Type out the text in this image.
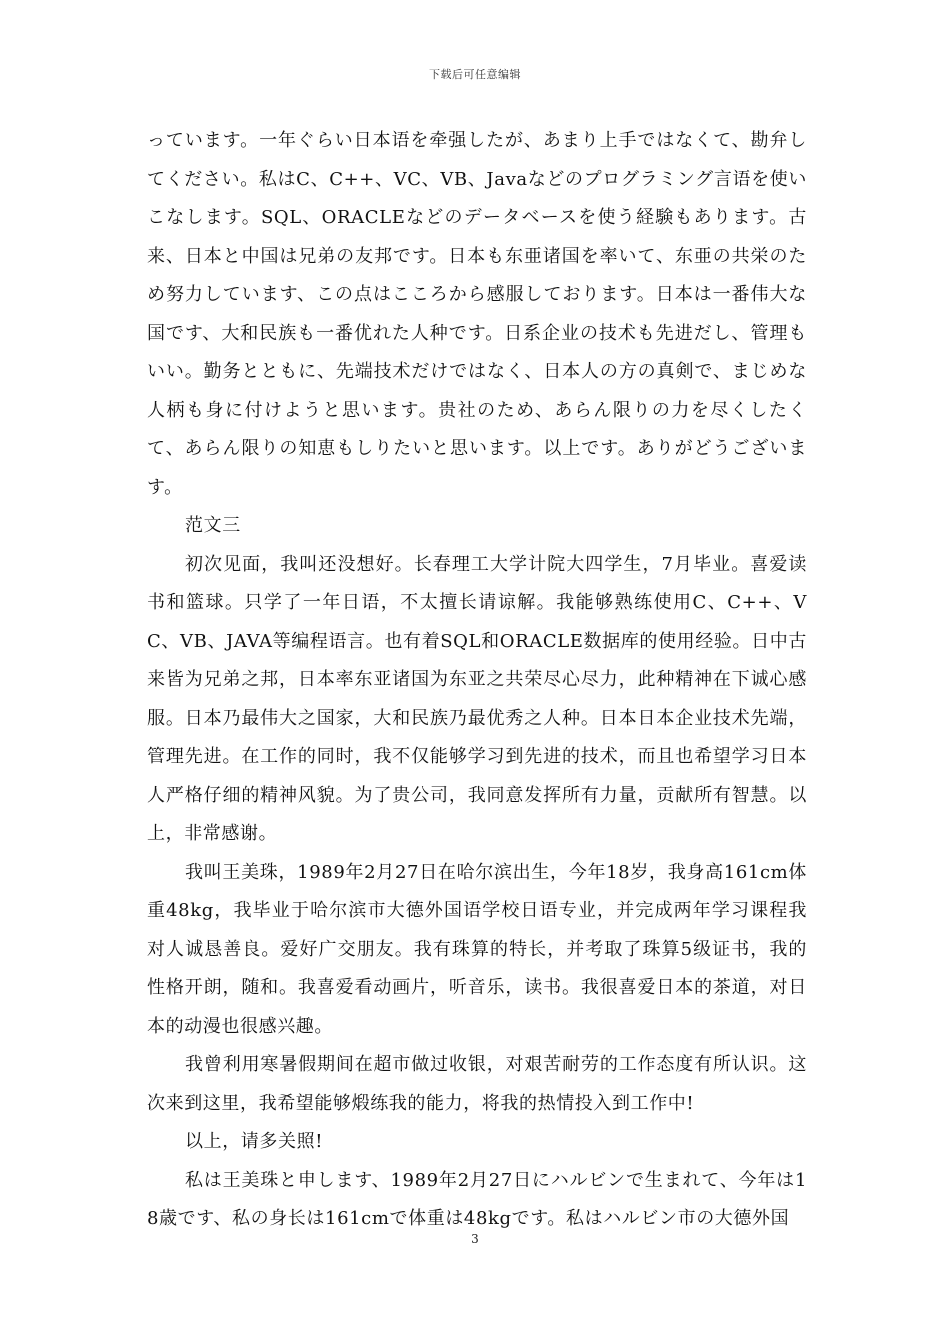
下载后可任意编辑

っています。一年ぐらい日本语を牵强したが、あまり上手ではなくて、勘弁してください。私はC、C++、VC、VB、Javaなどのプログラミング言语を使いこなします。SQL、ORACLEなどのデータベースを使う経験もあります。古来、日本と中国は兄弟の友邦です。日本も东亜诸国を率いて、东亜の共栄のため努力しています、この点はこころから感服しております。日本は一番伟大な国です、大和民族も一番优れた人种です。日系企业の技术も先进だし、管理もいい。勤务とともに、先端技术だけではなく、日本人の方の真剣で、まじめな人柄も身に付けようと思います。贵社のため、あらん限りの力を尽くしたくて、あらん限りの知恵もしりたいと思います。以上です。ありがどうございます。

范文三

初次见面，我叫还没想好。长春理工大学计院大四学生，7月毕业。喜爱读书和篮球。只学了一年日语，不太擅长请谅解。我能够熟练使用C、C++、VC、VB、JAVA等编程语言。也有着SQL和ORACLE数据库的使用经验。日中古来皆为兄弟之邦，日本率东亚诸国为东亚之共荣尽心尽力，此种精神在下诚心感服。日本乃最伟大之国家，大和民族乃最优秀之人种。日本日本企业技术先端，管理先进。在工作的同时，我不仅能够学习到先进的技术，而且也希望学习日本人严格仔细的精神风貌。为了贵公司，我同意发挥所有力量，贡献所有智慧。以上，非常感谢。

我叫王美珠，1989年2月27日在哈尔滨出生，今年18岁，我身高161cm体重48kg，我毕业于哈尔滨市大德外国语学校日语专业，并完成两年学习课程我对人诚恳善良。爱好广交朋友。我有珠算的特长，并考取了珠算5级证书，我的性格开朗，随和。我喜爱看动画片，听音乐，读书。我很喜爱日本的茶道，对日本的动漫也很感兴趣。

我曾利用寒暑假期间在超市做过收银，对艰苦耐劳的工作态度有所认识。这次来到这里，我希望能够煅练我的能力，将我的热情投入到工作中!

以上，请多关照!

私は王美珠と申します、1989年2月27日にハルビンで生まれて、今年は18歳です、私の身长は161cmで体重は48kgです。私はハルビン市の大德外国

3
